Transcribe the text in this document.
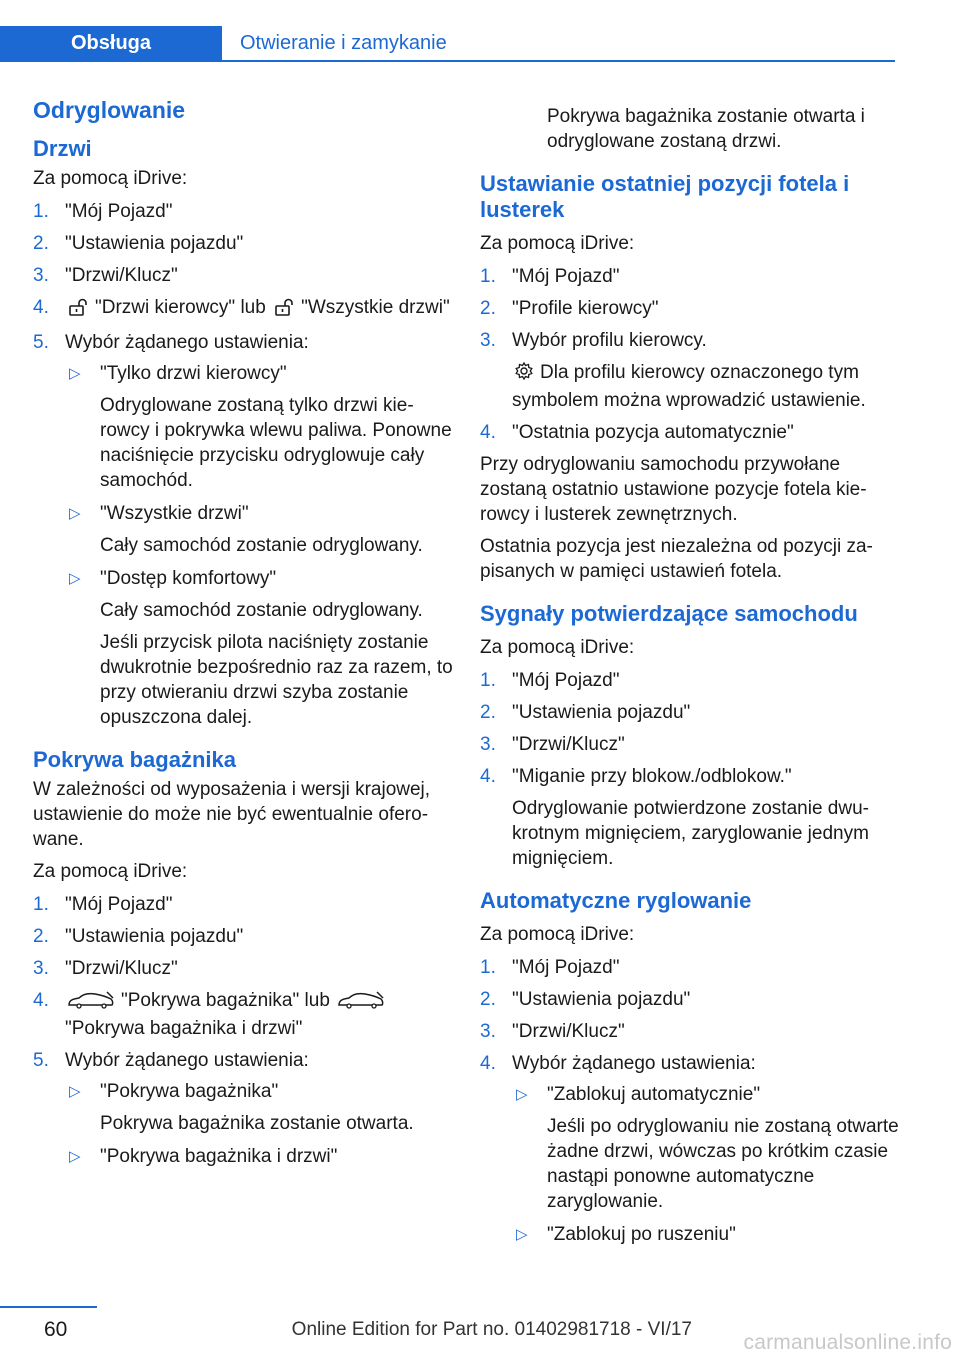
Obsługa	Otwieranie i zamykanie
Odryglowanie
Drzwi

Za pomocą iDrive:

1. "Mój Pojazd"
2. "Ustawienia pojazdu"
3. "Drzwi/Klucz"
4. "Drzwi kierowcy" lub "Wszystkie drzwi"
5. Wybór żądanego ustawienia:
▷ "Tylko drzwi kierowcy"
Odryglowane zostaną tylko drzwi kierowcy i pokrywka wlewu paliwa. Ponowne naciśnięcie przycisku odryglowuje cały samochód.
▷ "Wszystkie drzwi"
Cały samochód zostanie odryglowany.
▷ "Dostęp komfortowy"
Cały samochód zostanie odryglowany.
Jeśli przycisk pilota naciśnięty zostanie dwukrotnie bezpośrednio raz za razem, to przy otwieraniu drzwi szyba zostanie opuszczona dalej.
Pokrywa bagażnika

W zależności od wyposażenia i wersji krajowej, ustawienie do może nie być ewentualnie oferowane.

Za pomocą iDrive:

1. "Mój Pojazd"
2. "Ustawienia pojazdu"
3. "Drzwi/Klucz"
4.	"Pokrywa bagażnika" lub
"Pokrywa bagażnika i drzwi"
5. Wybór żądanego ustawienia:
▷ "Pokrywa bagażnika"
Pokrywa bagażnika zostanie otwarta.
▷ "Pokrywa bagażnika i drzwi"

Pokrywa bagażnika zostanie otwarta i odryglowane zostaną drzwi.

Ustawianie ostatniej pozycji fotela i lusterek

Za pomocą iDrive:

1. "Mój Pojazd"
2. "Profile kierowcy"
3. Wybór profilu kierowcy.
Dla profilu kierowcy oznaczonego tym symbolem można wprowadzić ustawienie.
4. "Ostatnia pozycja automatycznie"

Przy odryglowaniu samochodu przywołane zostaną ostatnio ustawione pozycje fotela kierowcy i lusterek zewnętrznych.

Ostatnia pozycja jest niezależna od pozycji zapisanych w pamięci ustawień fotela.

Sygnały potwierdzające samochodu

Za pomocą iDrive:

1. "Mój Pojazd"
2. "Ustawienia pojazdu"
3. "Drzwi/Klucz"
4. "Miganie przy blokow./odblokow."
Odryglowanie potwierdzone zostanie dwukrotnym mignięciem, zaryglowanie jednym mignięciem.
Automatyczne ryglowanie

Za pomocą iDrive:

1. "Mój Pojazd"
2. "Ustawienia pojazdu"
3. "Drzwi/Klucz"
4. Wybór żądanego ustawienia:
▷ "Zablokuj automatycznie"
Jeśli po odryglowaniu nie zostaną otwarte żadne drzwi, wówczas po krótkim czasie nastąpi ponowne automatyczne zaryglowanie.
▷ "Zablokuj po ruszeniu"
60	Online Edition for Part no. 01402981718 - VI/17
carmanualsonline.info
